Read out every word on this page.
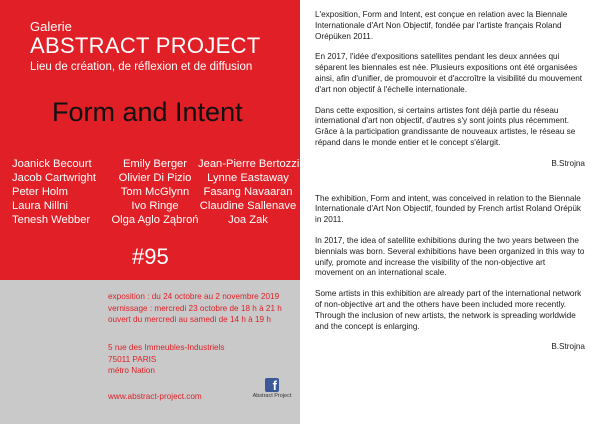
Galerie
ABSTRACT PROJECT
Lieu de création, de réflexion et de diffusion
Form and Intent
Joanick Becourt
Jacob Cartwright
Peter Holm
Laura Nillni
Tenesh Webber
Emily Berger
Olivier Di Pizio
Tom McGlynn
Ivo Ringe
Olga Aglo Ząbroń
Jean-Pierre Bertozzi
Lynne Eastaway
Fasang Navaaran
Claudine Sallenave
Joa Zak
#95
exposition : du 24 octobre au 2 novembre 2019
vernissage : mercredi 23 octobre de 18 h à 21 h
ouvert du mercredi au samedi de 14 h à 19 h
5 rue des Immeubles-Industriels
75011 PARIS
métro Nation
www.abstract-project.com
f
Abstract Project

L'exposition, Form and Intent, est conçue en relation avec la Biennale Internationale d'Art Non Objectif, fondée par l'artiste français Roland Orépüken 2011.

En 2017, l'idée d'expositions satellites pendant les deux années qui séparent les biennales est née. Plusieurs expositions ont été organisées ainsi, afin d'unifier, de promouvoir et d'accroître la visibilité du mouvement d'art non objectif à l'échelle internationale.

Dans cette exposition, si certains artistes font déjà partie du réseau international d'art non objectif, d'autres s'y sont joints plus récemment. Grâce à la participation grandissante de nouveaux artistes, le réseau se répand dans le monde entier et le concept s'élargit.

B.Strojna

The exhibition, Form and intent, was conceived in relation to the Biennale Internationale d'Art Non Objectif, founded by French artist Roland Orépük in 2011.

In 2017, the idea of satellite exhibitions during the two years between the biennials was born. Several exhibitions have been organized in this way to unify, promote and increase the visibility of the non-objective art movement on an international scale.

Some artists in this exhibition are already part of the international network of non-objective art and the others have been included more recently. Through the inclusion of new artists, the network is spreading worldwide and the concept is enlarging.

B.Strojna
